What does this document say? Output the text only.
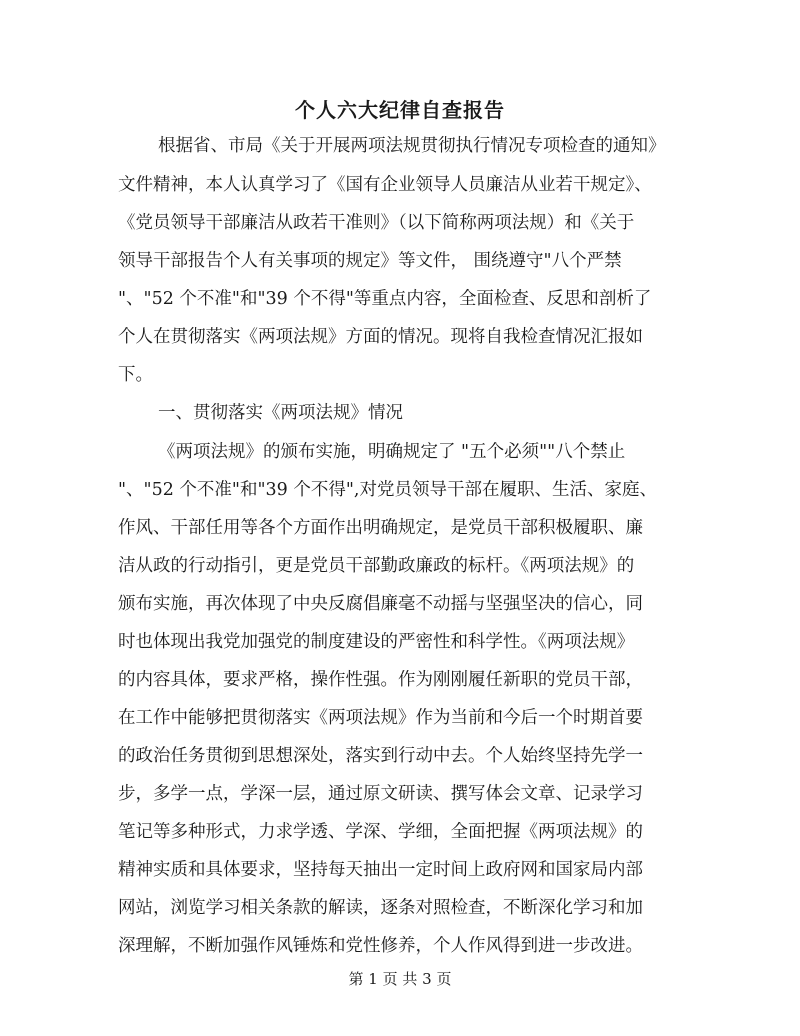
个人六大纪律自查报告

根据省、市局《关于开展两项法规贯彻执行情况专项检查的通知》

文件精神，本人认真学习了《国有企业领导人员廉洁从业若干规定》、

《党员领导干部廉洁从政若干准则》（以下简称两项法规）和《关于

领导干部报告个人有关事项的规定》等文件， 围绕遵守"八个严禁

"、"52 个不准"和"39 个不得"等重点内容，全面检查、反思和剖析了

个人在贯彻落实《两项法规》方面的情况。现将自我检查情况汇报如

下。

一、贯彻落实《两项法规》情况

《两项法规》的颁布实施，明确规定了 "五个必须""八个禁止

"、"52 个不准"和"39 个不得",对党员领导干部在履职、生活、家庭、

作风、干部任用等各个方面作出明确规定，是党员干部积极履职、廉

洁从政的行动指引，更是党员干部勤政廉政的标杆。《两项法规》的

颁布实施，再次体现了中央反腐倡廉毫不动摇与坚强坚决的信心，同

时也体现出我党加强党的制度建设的严密性和科学性。《两项法规》

的内容具体，要求严格，操作性强。作为刚刚履任新职的党员干部，

在工作中能够把贯彻落实《两项法规》作为当前和今后一个时期首要

的政治任务贯彻到思想深处，落实到行动中去。个人始终坚持先学一

步，多学一点，学深一层，通过原文研读、撰写体会文章、记录学习

笔记等多种形式，力求学透、学深、学细，全面把握《两项法规》的

精神实质和具体要求，坚持每天抽出一定时间上政府网和国家局内部

网站，浏览学习相关条款的解读，逐条对照检查，不断深化学习和加

深理解，不断加强作风锤炼和党性修养，个人作风得到进一步改进。

第 1 页 共 3 页
